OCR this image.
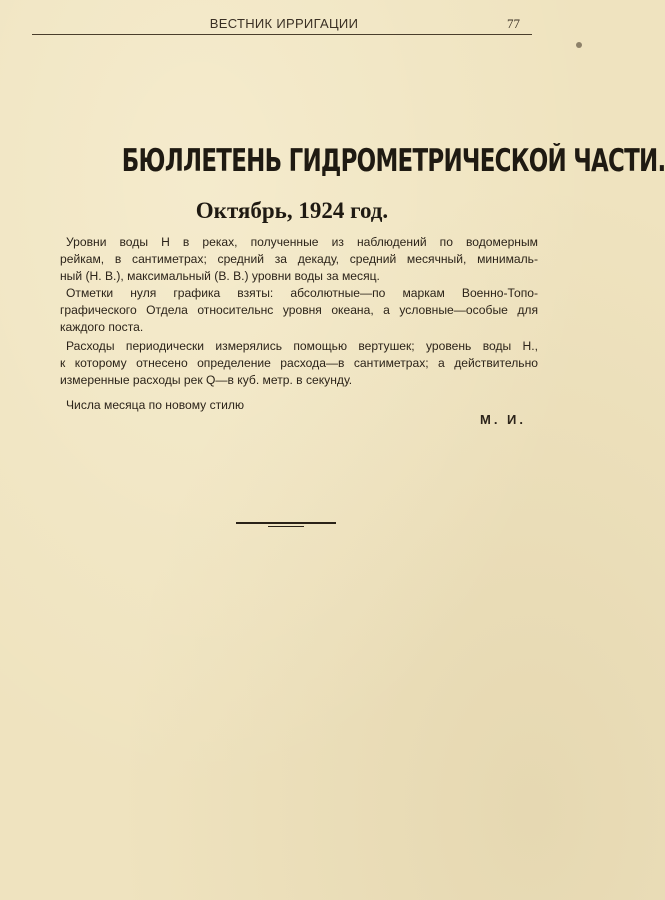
ВЕСТНИК ИРРИГАЦИИ	77
БЮЛЛЕТЕНЬ ГИДРОМЕТРИЧЕСКОЙ ЧАСТИ.
Октябрь, 1924 год.

Уровни воды H в реках, полученные из наблюдений по водомерным
рейкам, в сантиметрах; средний за декаду, средний месячный, минималь-
ный (Н. В.), максимальный (В. В.) уровни воды за месяц.

Отметки нуля графика взяты: абсолютные—по маркам Военно-Топо-
графического Отдела относительнс уровня океана, а условные—особые для
каждого поста.

Расходы периодически измерялись помощью вертушек; уровень воды H.,
к которому отнесено определение расхода—в сантиметрах; а действительно
измеренные расходы рек Q—в куб. метр. в секунду.

Числа месяца по новому стилю
М. И.
